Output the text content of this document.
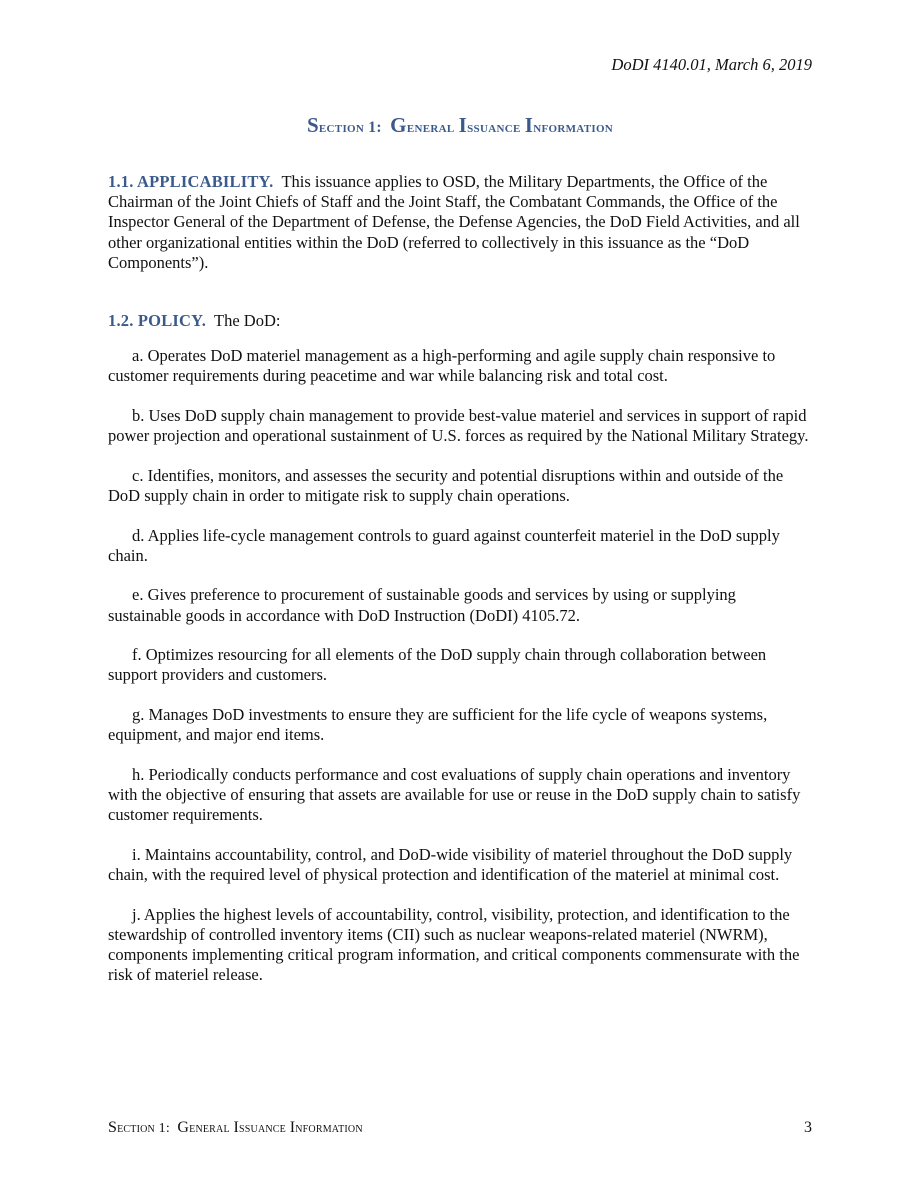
DoDI 4140.01, March 6, 2019
Section 1: General Issuance Information

1.1. APPLICABILITY. This issuance applies to OSD, the Military Departments, the Office of the Chairman of the Joint Chiefs of Staff and the Joint Staff, the Combatant Commands, the Office of the Inspector General of the Department of Defense, the Defense Agencies, the DoD Field Activities, and all other organizational entities within the DoD (referred to collectively in this issuance as the “DoD Components”).

1.2. POLICY. The DoD:

a. Operates DoD materiel management as a high-performing and agile supply chain responsive to customer requirements during peacetime and war while balancing risk and total cost.

b. Uses DoD supply chain management to provide best-value materiel and services in support of rapid power projection and operational sustainment of U.S. forces as required by the National Military Strategy.

c. Identifies, monitors, and assesses the security and potential disruptions within and outside of the DoD supply chain in order to mitigate risk to supply chain operations.

d. Applies life-cycle management controls to guard against counterfeit materiel in the DoD supply chain.

e. Gives preference to procurement of sustainable goods and services by using or supplying sustainable goods in accordance with DoD Instruction (DoDI) 4105.72.

f. Optimizes resourcing for all elements of the DoD supply chain through collaboration between support providers and customers.

g. Manages DoD investments to ensure they are sufficient for the life cycle of weapons systems, equipment, and major end items.

h. Periodically conducts performance and cost evaluations of supply chain operations and inventory with the objective of ensuring that assets are available for use or reuse in the DoD supply chain to satisfy customer requirements.

i. Maintains accountability, control, and DoD-wide visibility of materiel throughout the DoD supply chain, with the required level of physical protection and identification of the materiel at minimal cost.

j. Applies the highest levels of accountability, control, visibility, protection, and identification to the stewardship of controlled inventory items (CII) such as nuclear weapons-related materiel (NWRM), components implementing critical program information, and critical components commensurate with the risk of materiel release.

Section 1: General Issuance Information	3
